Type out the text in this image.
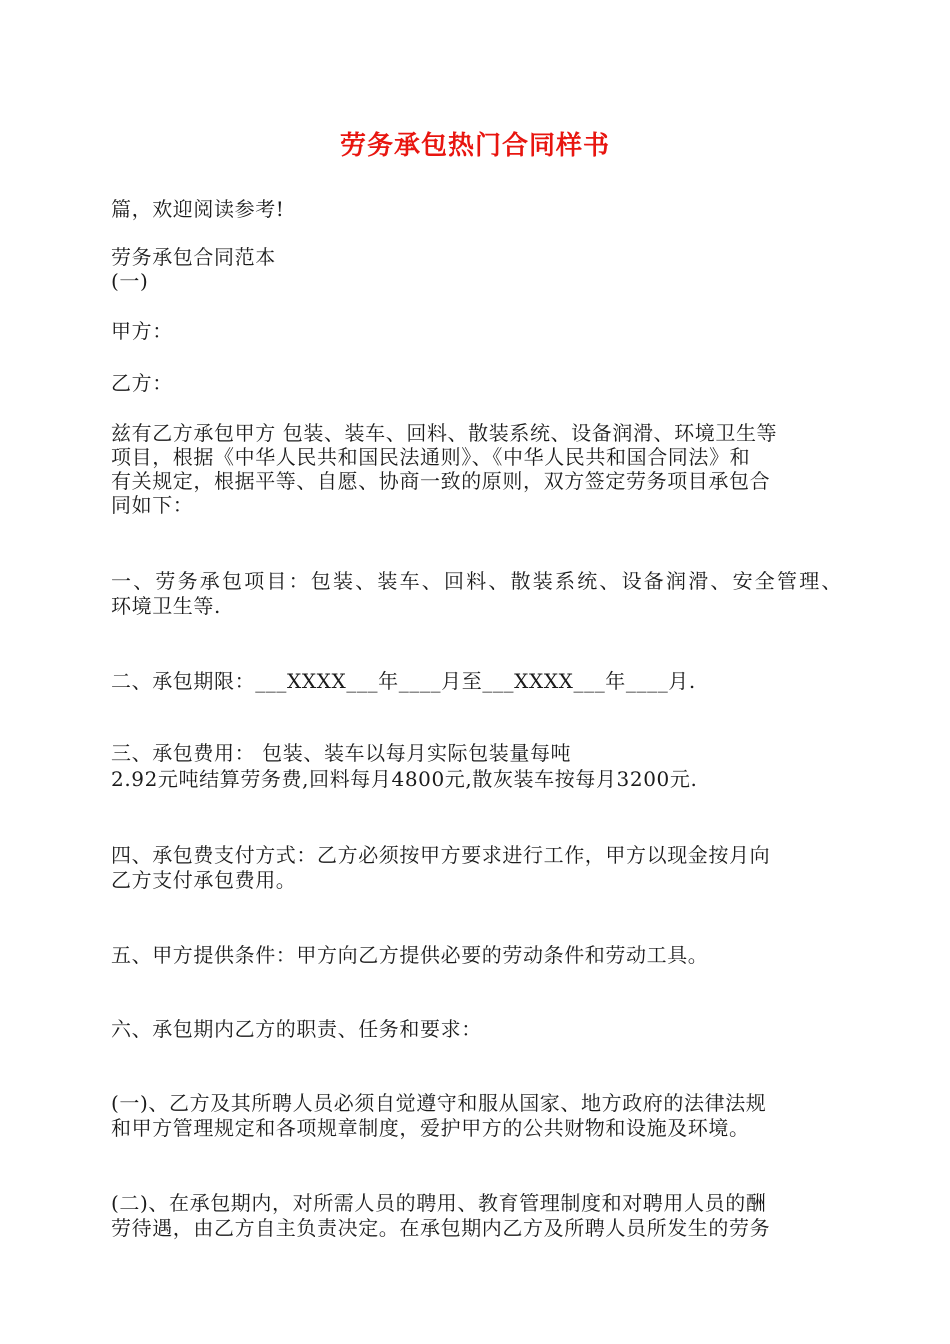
劳务承包热门合同样书
篇，欢迎阅读参考!
劳务承包合同范本
(一)
甲方：
乙方：
兹有乙方承包甲方 包装、装车、回料、散装系统、设备润滑、环境卫生等
项目，根据《中华人民共和国民法通则》、《中华人民共和国合同法》和
有关规定，根据平等、自愿、协商一致的原则，双方签定劳务项目承包合
同如下：
一、劳务承包项目：包装、装车、回料、散装系统、设备润滑、安全管理、
环境卫生等.
二、承包期限：___XXXX___年____月至___XXXX___年____月.
三、承包费用： 包装、装车以每月实际包装量每吨
2.92元吨结算劳务费,回料每月4800元,散灰装车按每月3200元.
四、承包费支付方式：乙方必须按甲方要求进行工作，甲方以现金按月向
乙方支付承包费用。
五、甲方提供条件：甲方向乙方提供必要的劳动条件和劳动工具。
六、承包期内乙方的职责、任务和要求：
(一)、乙方及其所聘人员必须自觉遵守和服从国家、地方政府的法律法规
和甲方管理规定和各项规章制度，爱护甲方的公共财物和设施及环境。
(二)、在承包期内，对所需人员的聘用、教育管理制度和对聘用人员的酬
劳待遇，由乙方自主负责决定。在承包期内乙方及所聘人员所发生的劳务
